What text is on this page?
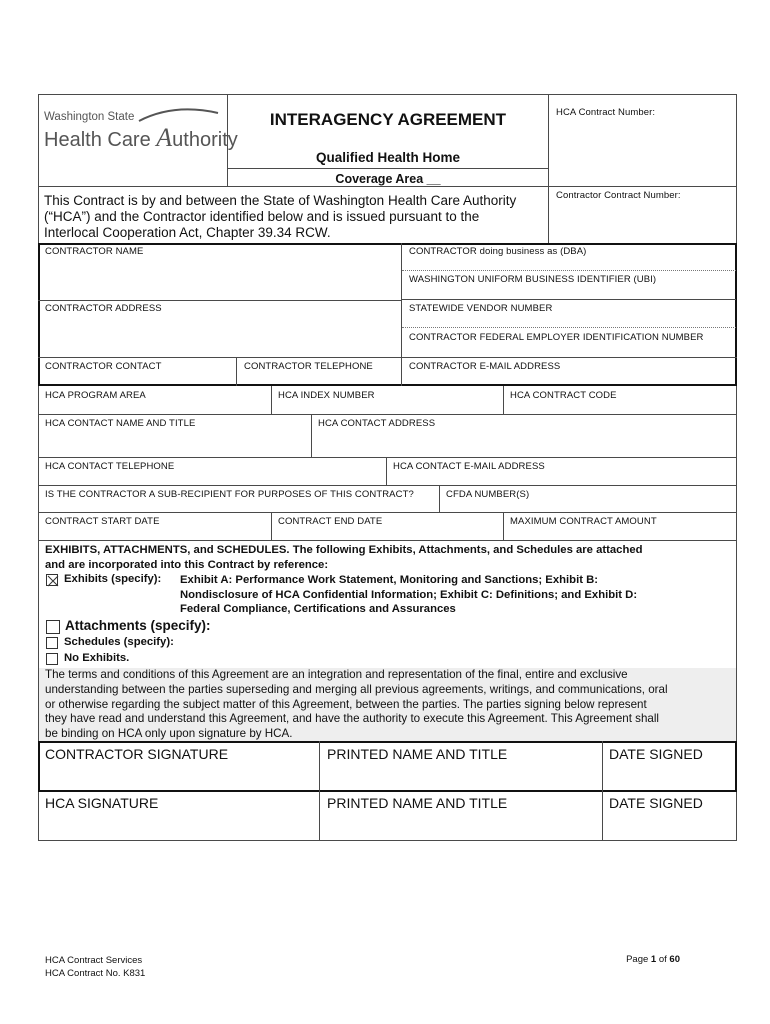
Washington State
Health Care Authority
INTERAGENCY AGREEMENT
Qualified Health Home
Coverage Area __
HCA Contract Number:
Contractor Contract Number:
This Contract is by and between the State of Washington Health Care Authority
(“HCA”) and the Contractor identified below and is issued pursuant to the
Interlocal Cooperation Act, Chapter 39.34 RCW.
CONTRACTOR NAME	CONTRACTOR doing business as (DBA)
WASHINGTON UNIFORM BUSINESS IDENTIFIER (UBI)
CONTRACTOR ADDRESS	STATEWIDE VENDOR NUMBER
CONTRACTOR FEDERAL EMPLOYER IDENTIFICATION NUMBER
CONTRACTOR CONTACT	CONTRACTOR TELEPHONE	CONTRACTOR E-MAIL ADDRESS
HCA PROGRAM AREA	HCA INDEX NUMBER	HCA CONTRACT CODE
HCA CONTACT NAME AND TITLE	HCA CONTACT ADDRESS
HCA CONTACT TELEPHONE	HCA CONTACT E-MAIL ADDRESS
IS THE CONTRACTOR A SUB-RECIPIENT FOR PURPOSES OF THIS CONTRACT?	CFDA NUMBER(S)
CONTRACT START DATE	CONTRACT END DATE	MAXIMUM CONTRACT AMOUNT
EXHIBITS, ATTACHMENTS, and SCHEDULES. The following Exhibits, Attachments, and Schedules are attached
and are incorporated into this Contract by reference:
Exhibits (specify): Exhibit A: Performance Work Statement, Monitoring and Sanctions; Exhibit B:
Nondisclosure of HCA Confidential Information; Exhibit C: Definitions; and Exhibit D:
Federal Compliance, Certifications and Assurances
Attachments (specify):
Schedules (specify):
No Exhibits.
The terms and conditions of this Agreement are an integration and representation of the final, entire and exclusive
understanding between the parties superseding and merging all previous agreements, writings, and communications, oral
or otherwise regarding the subject matter of this Agreement, between the parties. The parties signing below represent
they have read and understand this Agreement, and have the authority to execute this Agreement. This Agreement shall
be binding on HCA only upon signature by HCA.
CONTRACTOR SIGNATURE	PRINTED NAME AND TITLE	DATE SIGNED
HCA SIGNATURE	PRINTED NAME AND TITLE	DATE SIGNED
HCA Contract Services
HCA Contract No. K831
Page 1 of 60
